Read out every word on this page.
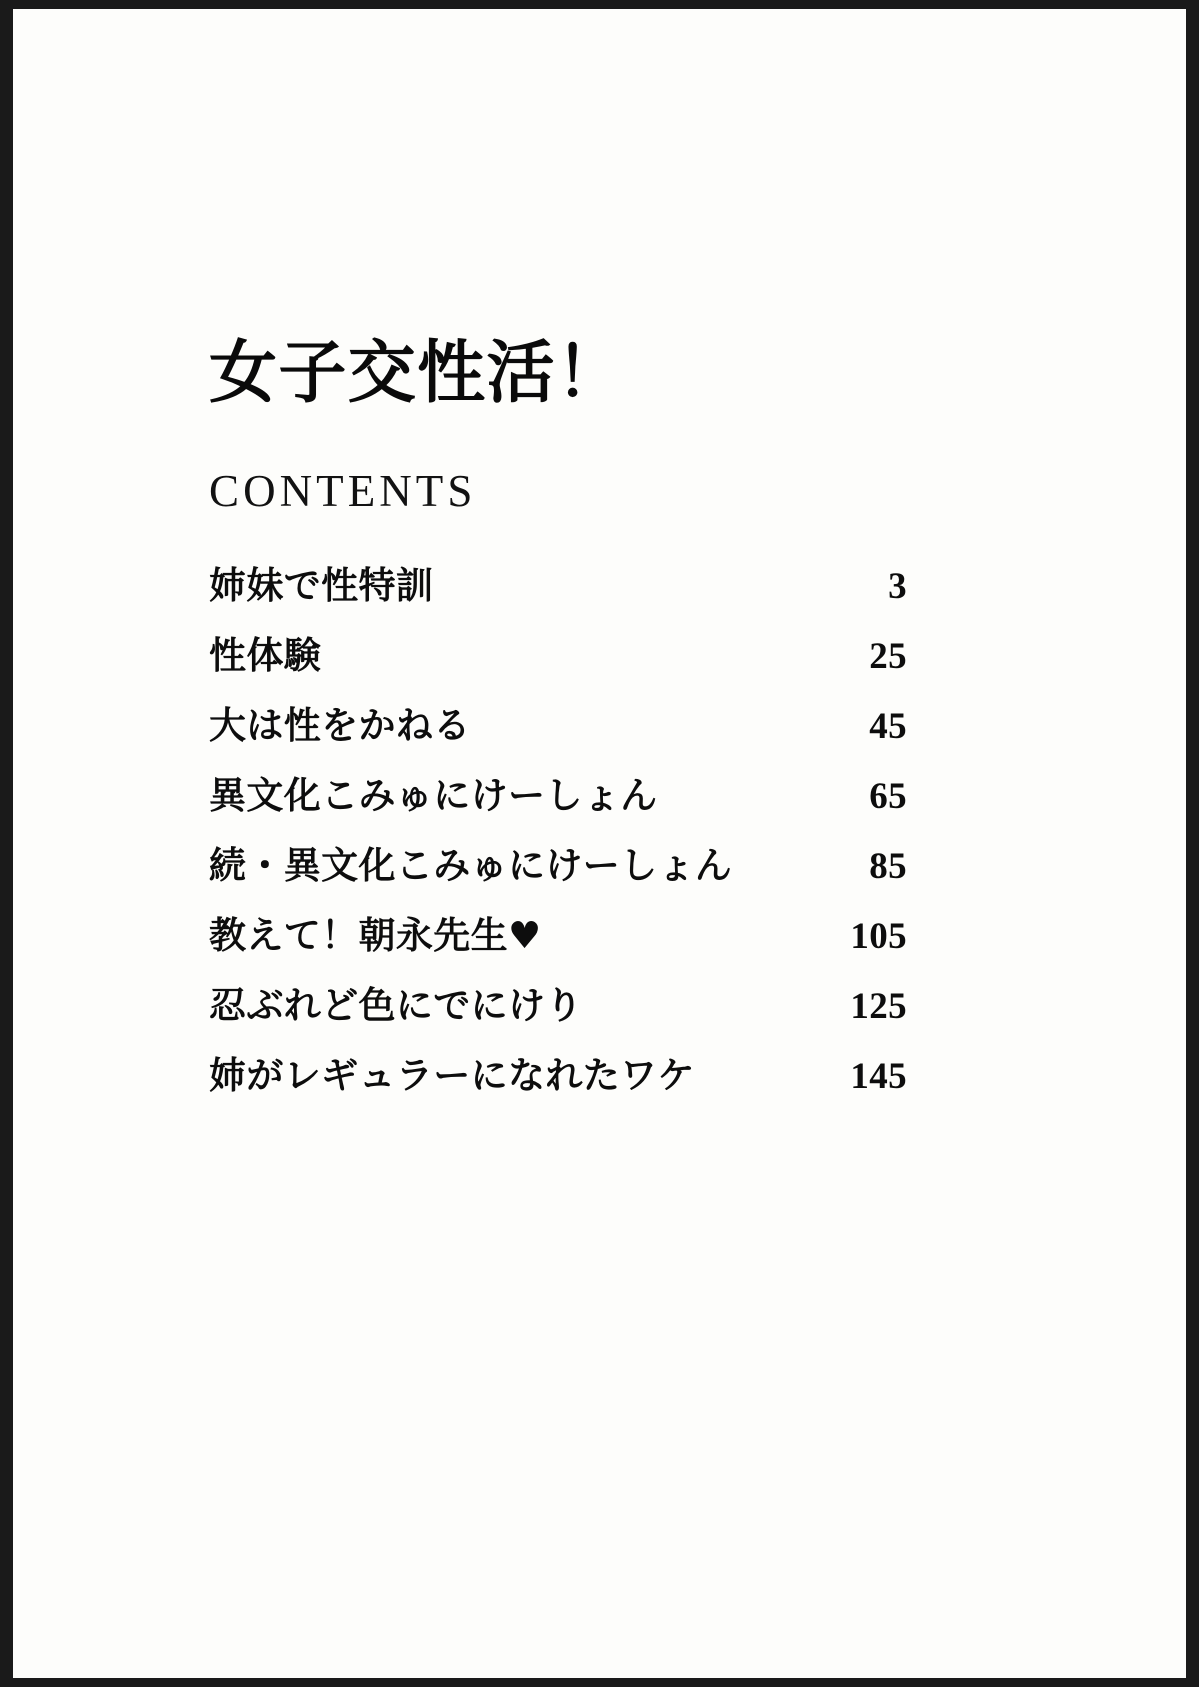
女子交性活！
CONTENTS
姉妹で性特訓	3
性体験	25
大は性をかねる	45
異文化こみゅにけーしょん	65
続・異文化こみゅにけーしょん	85
教えて！朝永先生♥	105
忍ぶれど色にでにけり	125
姉がレギュラーになれたワケ	145
